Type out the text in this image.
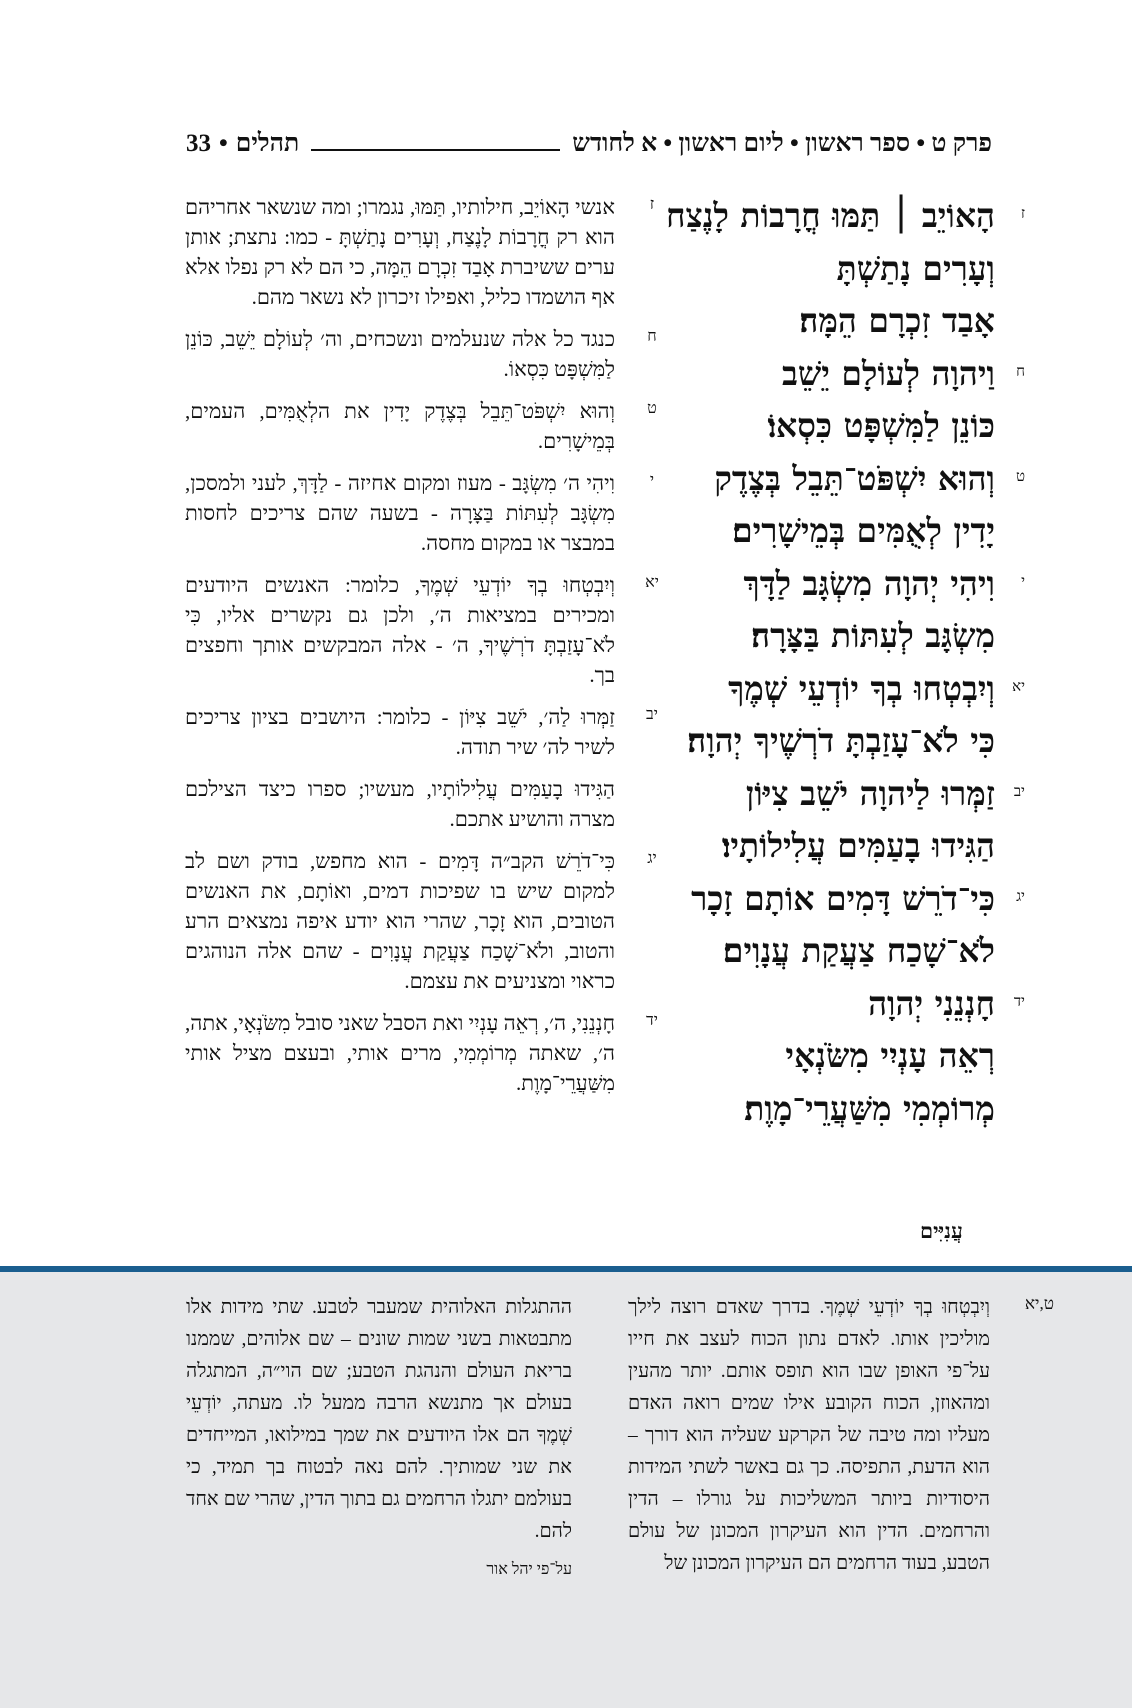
פרק ט • ספר ראשון • ליום ראשון • א לחודש
תהלים
•
33
ז
הָאוֹיֵב ׀ תַּמּוּ חֳרָבוֹת לָנֶצַח
וְעָרִים נָתַשְׁתָּ
אָבַד זִכְרָם הֵמָּה׃
ח
וַיהוָה לְעוֹלָם יֵשֵׁב
כּוֹנֵן לַמִּשְׁפָּט כִּסְאוֹ׃
ט
וְהוּא יִשְׁפֹּט־תֵּבֵל בְּצֶדֶק
יָדִין לְאֻמִּים בְּמֵישָׁרִים׃
י
וִיהִי יְהוָה מִשְׂגָּב לַדָּךְ
מִשְׂגָּב לְעִתּוֹת בַּצָּרָה׃
יא
וְיִבְטְחוּ בְךָ יוֹדְעֵי שְׁמֶךָ
כִּי לֹא־עָזַבְתָּ דֹרְשֶׁיךָ יְהוָה׃
יב
זַמְּרוּ לַיהוָה יֹשֵׁב צִיּוֹן
הַגִּידוּ בָעַמִּים עֲלִילוֹתָיו׃
יג
כִּי־דֹרֵשׁ דָּמִים אוֹתָם זָכָר
לֹא־שָׁכַח צַעֲקַת עֲנָוִים׃
יד
חָנְנֵנִי יְהוָה
רְאֵה עָנְיִי מִשֹּׂנְאָי
מְרוֹמְמִי מִשַּׁעֲרֵי־מָוֶת׃
ז
אנשי הָאוֹיֵב, חילותיו, תַּמּוּ, נגמרו; ומה שנשאר אחריהם הוא רק חֳרָבוֹת לָנֶצַח, וְעָרִים נָתַשְׁתָּ - כמו: נתצת; אותן ערים ששיברת אָבַד זִכְרָם הֵמָּה, כי הם לא רק נפלו אלא אף הושמדו כליל, ואפילו זיכרון לא נשאר מהם.
ח
כנגד כל אלה שנעלמים ונשכחים, וה׳ לְעוֹלָם יֵשֵׁב, כּוֹנֵן לַמִּשְׁפָּט כִּסְאוֹ.
ט
וְהוּא יִשְׁפֹּט־תֵּבֵל בְּצֶדֶק יָדִין את הלְאֻמִּים, העמים, בְּמֵישָׁרִים.
י
וִיהִי ה׳ מִשְׂגָּב - מעוז ומקום אחיזה - לַדָּךְ, לעני ולמסכן, מִשְׂגָּב לְעִתּוֹת בַּצָּרָה - בשעה שהם צריכים לחסות במבצר או במקום מחסה.
יא
וְיִבְטְחוּ בְךָ יוֹדְעֵי שְׁמֶךָ, כלומר: האנשים היודעים ומכירים במציאות ה׳, ולכן גם נקשרים אליו, כִּי לֹא־עָזַבְתָּ דֹרְשֶׁיךָ, ה׳ - אלה המבקשים אותך וחפצים בך.
יב
זַמְּרוּ לַה׳, יֹשֵׁב צִיּוֹן - כלומר: היושבים בציון צריכים לשיר לה׳ שיר תודה.
הַגִּידוּ בָעַמִּים עֲלִילוֹתָיו, מעשיו; ספרו כיצד הצילכם מצרה והושיע אתכם.
יג
כִּי־דֹרֵשׁ הקב״ה דָּמִים - הוא מחפש, בודק ושם לב למקום שיש בו שפיכות דמים, ואוֹתָם, את האנשים הטובים, הוא זָכָר, שהרי הוא יודע איפה נמצאים הרע והטוב, ולֹא־שָׁכַח צַעֲקַת עֲנָוִים - שהם אלה הנוהגים כראוי ומצניעים את עצמם.
יד
חָנְנֵנִי, ה׳, רְאֵה עָנְיִי ואת הסבל שאני סובל מִשֹּׂנְאָי, אתה, ה׳, שאתה מְרוֹמְמִי, מרים אותי, ובעצם מציל אותי מִשַּׁעֲרֵי־מָוֶת.
עֲנִיִּים
ט,יא
וְיִבְטְחוּ בְךָ יוֹדְעֵי שְׁמֶךָ. בדרך שאדם רוצה לילך מוליכין אותו. לאדם נתון הכוח לעצב את חייו על־פי האופן שבו הוא תופס אותם. יותר מהעין ומהאוזן, הכוח הקובע אילו שמים רואה האדם מעליו ומה טיבה של הקרקע שעליה הוא דורך – הוא הדעת, התפיסה. כך גם באשר לשתי המידות היסודיות ביותר המשליכות על גורלו – הדין והרחמים. הדין הוא העיקרון המכונן של עולם הטבע, בעוד הרחמים הם העיקרון המכונן של
ההתגלות האלוהית שמעבר לטבע. שתי מידות אלו מתבטאות בשני שמות שונים – שם אלוהים, שממנו בריאת העולם והנהגת הטבע; שם הוי״ה, המתגלה בעולם אך מתנשא הרבה ממעל לו. מעתה, יוֹדְעֵי שְׁמֶךָ הם אלו היודעים את שמך במילואו, המייחדים את שני שמותיך. להם נאה לבטוח בך תמיד, כי בעולמם יתגלו הרחמים גם בתוך הדין, שהרי שם אחד להם.
על־פי יהל אור
